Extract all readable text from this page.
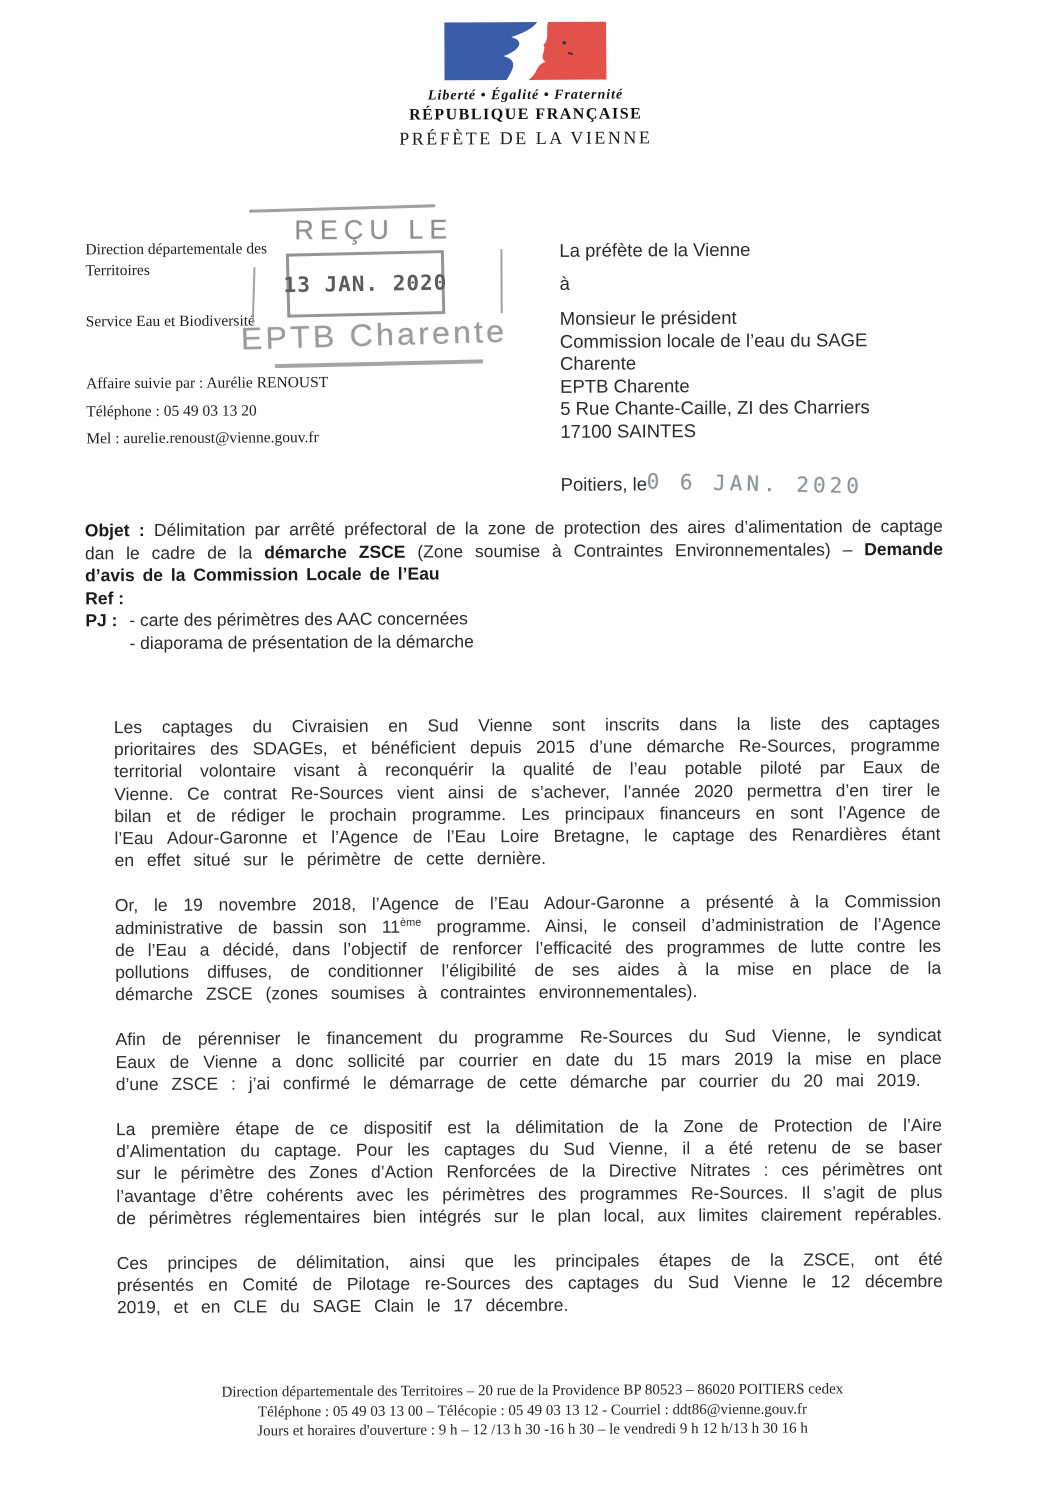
Liberté • Égalité • Fraternité
RÉPUBLIQUE FRANÇAISE
PRÉFÈTE DE LA VIENNE
Direction départementale des Territoires
Service Eau et Biodiversité
Affaire suivie par : Aurélie RENOUST
Téléphone : 05 49 03 13 20
Mel : aurelie.renoust@vienne.gouv.fr
REÇU LE
13 JAN. 2020
EPTB Charente
La préfète de la Vienne
à
Monsieur le président
Commission locale de l’eau du SAGE Charente
EPTB Charente
5 Rue Chante-Caille, ZI des Charriers
17100 SAINTES
Poitiers, le 0 6 JAN. 2020

Objet : Délimitation par arrêté préfectoral de la zone de protection des aires d’alimentation de captage dan le cadre de la démarche ZSCE (Zone soumise à Contraintes Environnementales) – Demande d’avis de la Commission Locale de l’Eau

Ref :

PJ : - carte des périmètres des AAC concernées
- diaporama de présentation de la démarche

Les captages du Civraisien en Sud Vienne sont inscrits dans la liste des captages prioritaires des SDAGEs, et bénéficient depuis 2015 d’une démarche Re-Sources, programme territorial volontaire visant à reconquérir la qualité de l’eau potable piloté par Eaux de Vienne. Ce contrat Re-Sources vient ainsi de s’achever, l’année 2020 permettra d’en tirer le bilan et de rédiger le prochain programme. Les principaux financeurs en sont l’Agence de l’Eau Adour-Garonne et l’Agence de l’Eau Loire Bretagne, le captage des Renardières étant en effet situé sur le périmètre de cette dernière.

Or, le 19 novembre 2018, l’Agence de l’Eau Adour-Garonne a présenté à la Commission administrative de bassin son 11ème programme. Ainsi, le conseil d’administration de l’Agence de l’Eau a décidé, dans l’objectif de renforcer l’efficacité des programmes de lutte contre les pollutions diffuses, de conditionner l’éligibilité de ses aides à la mise en place de la démarche ZSCE (zones soumises à contraintes environnementales).

Afin de pérenniser le financement du programme Re-Sources du Sud Vienne, le syndicat Eaux de Vienne a donc sollicité par courrier en date du 15 mars 2019 la mise en place d’une ZSCE : j’ai confirmé le démarrage de cette démarche par courrier du 20 mai 2019.

La première étape de ce dispositif est la délimitation de la Zone de Protection de l’Aire d’Alimentation du captage. Pour les captages du Sud Vienne, il a été retenu de se baser sur le périmètre des Zones d’Action Renforcées de la Directive Nitrates : ces périmètres ont l’avantage d’être cohérents avec les périmètres des programmes Re-Sources. Il s’agit de plus de périmètres réglementaires bien intégrés sur le plan local, aux limites clairement repérables.

Ces principes de délimitation, ainsi que les principales étapes de la ZSCE, ont été présentés en Comité de Pilotage re-Sources des captages du Sud Vienne le 12 décembre 2019, et en CLE du SAGE Clain le 17 décembre.

Direction départementale des Territoires – 20 rue de la Providence BP 80523 – 86020 POITIERS cedex
Téléphone : 05 49 03 13 00 – Télécopie : 05 49 03 13 12 - Courriel : ddt86@vienne.gouv.fr
Jours et horaires d'ouverture : 9 h – 12 /13 h 30 -16 h 30 – le vendredi 9 h 12 h/13 h 30 16 h
